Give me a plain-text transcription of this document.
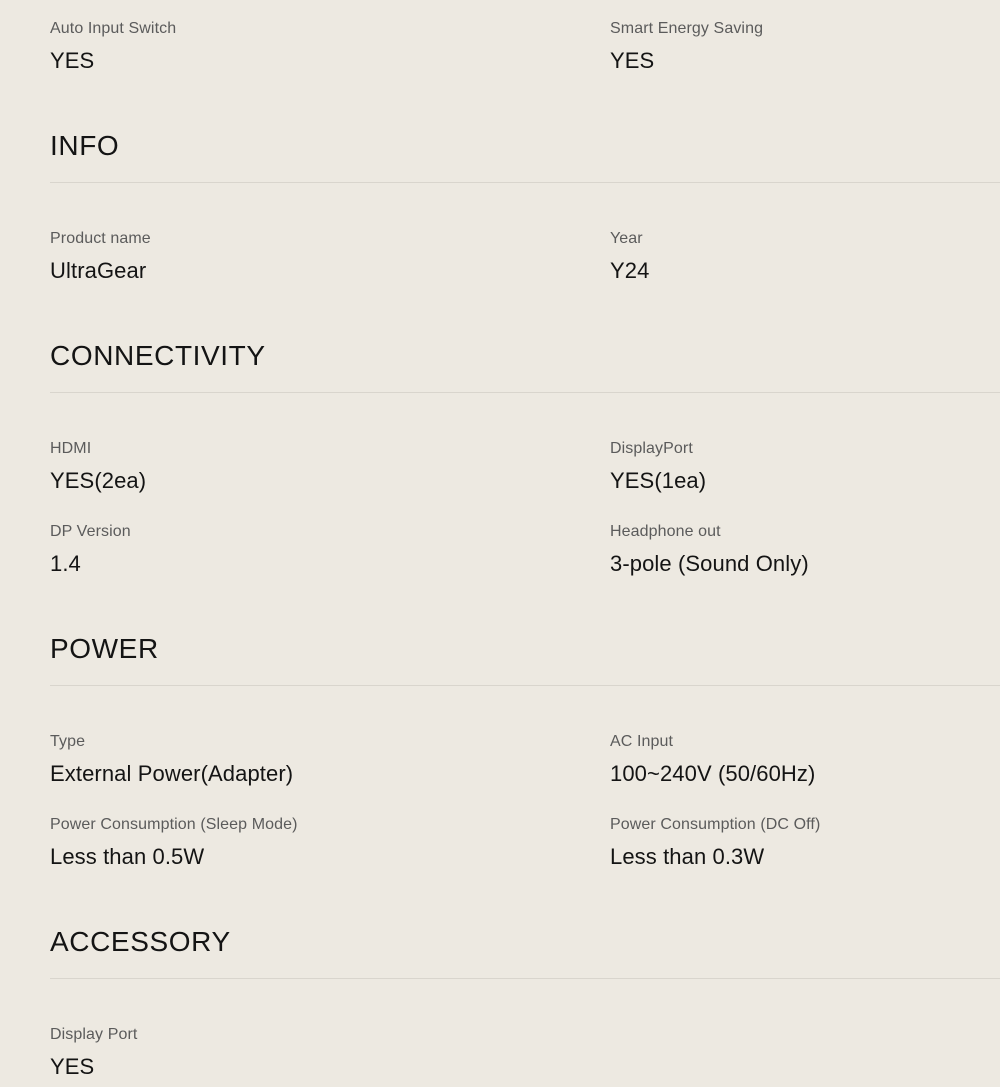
Auto Input Switch
YES
Smart Energy Saving
YES
INFO
Product name
UltraGear
Year
Y24
CONNECTIVITY
HDMI
YES(2ea)
DisplayPort
YES(1ea)
DP Version
1.4
Headphone out
3-pole (Sound Only)
POWER
Type
External Power(Adapter)
AC Input
100~240V (50/60Hz)
Power Consumption (Sleep Mode)
Less than 0.5W
Power Consumption (DC Off)
Less than 0.3W
ACCESSORY
Display Port
YES
